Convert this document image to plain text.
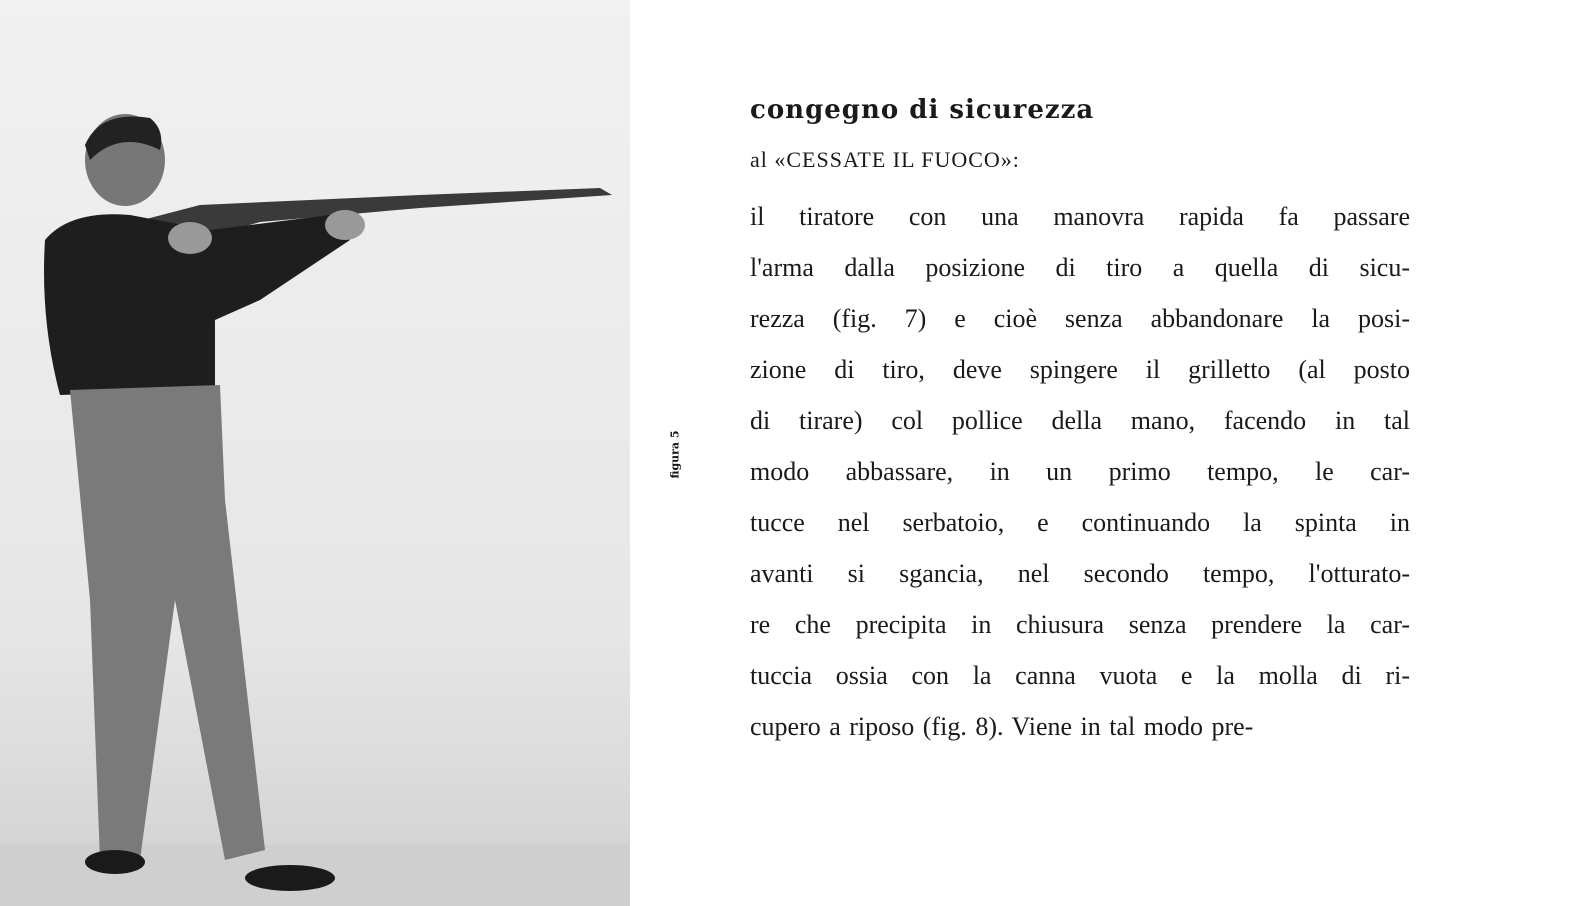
figura 5
congegno di sicurezza
al «CESSATE IL FUOCO»:
il tiratore con una manovra rapida fa passare
l'arma dalla posizione di tiro a quella di sicu-
rezza (fig. 7) e cioè senza abbandonare la posi-
zione di tiro, deve spingere il grilletto (al posto
di tirare) col pollice della mano, facendo in tal
modo abbassare, in un primo tempo, le car-
tucce nel serbatoio, e continuando la spinta in
avanti si sgancia, nel secondo tempo, l'otturato-
re che precipita in chiusura senza prendere la car-
tuccia ossia con la canna vuota e la molla di ri-
cupero a riposo (fig. 8). Viene in tal modo pre-
